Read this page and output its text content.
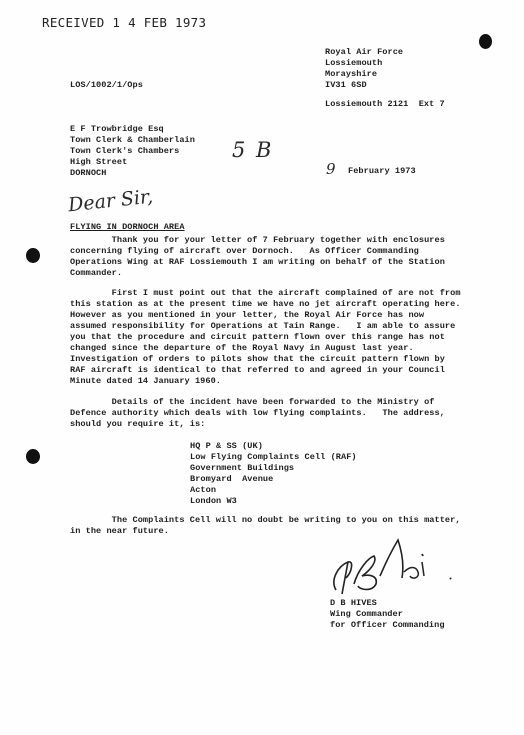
RECEIVED 1 4 FEB 1973
Royal Air Force
Lossiemouth
Morayshire
IV31 6SD
Lossiemouth 2121  Ext 7
LOS/1002/1/Ops
E F Trowbridge Esq
Town Clerk & Chamberlain
Town Clerk's Chambers
High Street
DORNOCH
5 B
9 February 1973
Dear Sir,
FLYING IN DORNOCH AREA
Thank you for your letter of 7 February together with enclosures
concerning flying of aircraft over Dornoch.   As Officer Commanding
Operations Wing at RAF Lossiemouth I am writing on behalf of the Station
Commander.
First I must point out that the aircraft complained of are not from
this station as at the present time we have no jet aircraft operating here.
However as you mentioned in your letter, the Royal Air Force has now
assumed responsibility for Operations at Tain Range.   I am able to assure
you that the procedure and circuit pattern flown over this range has not
changed since the departure of the Royal Navy in August last year.
Investigation of orders to pilots show that the circuit pattern flown by
RAF aircraft is identical to that referred to and agreed in your Council
Minute dated 14 January 1960.
Details of the incident have been forwarded to the Ministry of
Defence authority which deals with low flying complaints.   The address,
should you require it, is:
HQ P & SS (UK)
Low Flying Complaints Cell (RAF)
Government Buildings
Bromyard  Avenue
Acton
London W3
The Complaints Cell will no doubt be writing to you on this matter,
in the near future.
D B HIVES
Wing Commander
for Officer Commanding
